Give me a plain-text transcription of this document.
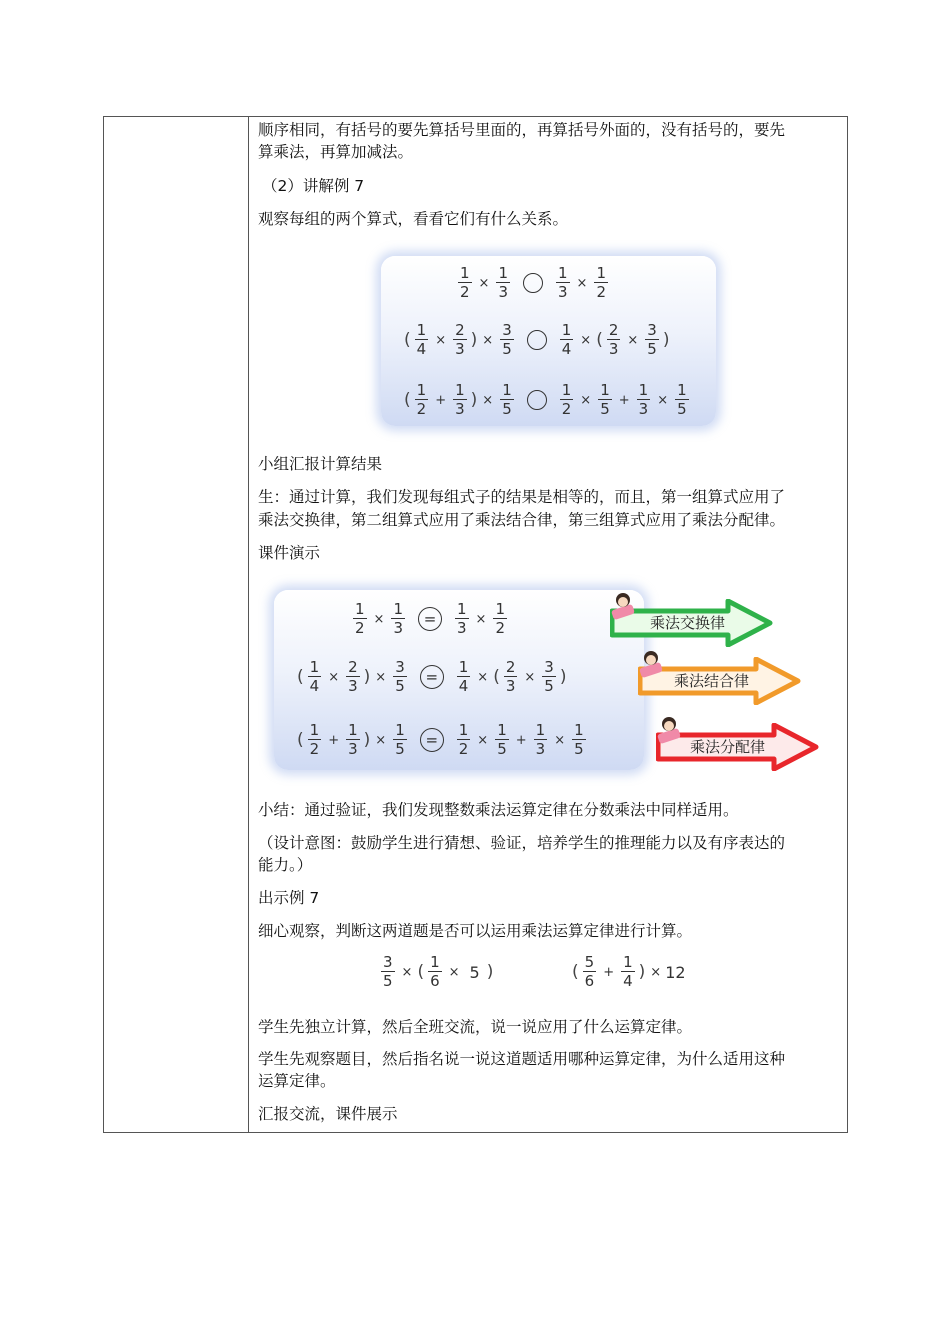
顺序相同，有括号的要先算括号里面的，再算括号外面的，没有括号的，要先
算乘法，再算加减法。
（2）讲解例 7
观察每组的两个算式，看看它们有什么关系。
$\frac{1}{2} \times \frac{1}{3}$	$\frac{1}{3} \times \frac{1}{2}$
( $\frac{1}{4} \times \frac{2}{3}$ ) × $\frac{3}{5}$	$\frac{1}{4}$ × ( $\frac{2}{3} \times \frac{3}{5}$ )
( $\frac{1}{2} + \frac{1}{3}$ ) × $\frac{1}{5}$	$\frac{1}{2} \times \frac{1}{5} + \frac{1}{3} \times \frac{1}{5}$
小组汇报计算结果
生：通过计算，我们发现每组式子的结果是相等的，而且，第一组算式应用了
乘法交换律，第二组算式应用了乘法结合律，第三组算式应用了乘法分配律。
课件演示
$\frac{1}{2} \times \frac{1}{3}$	=	$\frac{1}{3} \times \frac{1}{2}$
( $\frac{1}{4} \times \frac{2}{3}$ ) × $\frac{3}{5}$	=	$\frac{1}{4}$ × ( $\frac{2}{3} \times \frac{3}{5}$ )
( $\frac{1}{2} + \frac{1}{3}$ ) × $\frac{1}{5}$	=	$\frac{1}{2} \times \frac{1}{5} + \frac{1}{3} \times \frac{1}{5}$
乘法交换律
乘法结合律
乘法分配律
小结：通过验证，我们发现整数乘法运算定律在分数乘法中同样适用。
（设计意图：鼓励学生进行猜想、验证，培养学生的推理能力以及有序表达的
能力。）
出示例 7
细心观察，判断这两道题是否可以运用乘法运算定律进行计算。
$\frac{3}{5}$ × ( $\frac{1}{6} \times 5$ )	( $\frac{5}{6} + \frac{1}{4}$ ) × 12
学生先独立计算，然后全班交流，说一说应用了什么运算定律。
学生先观察题目，然后指名说一说这道题适用哪种运算定律，为什么适用这种
运算定律。
汇报交流，课件展示
